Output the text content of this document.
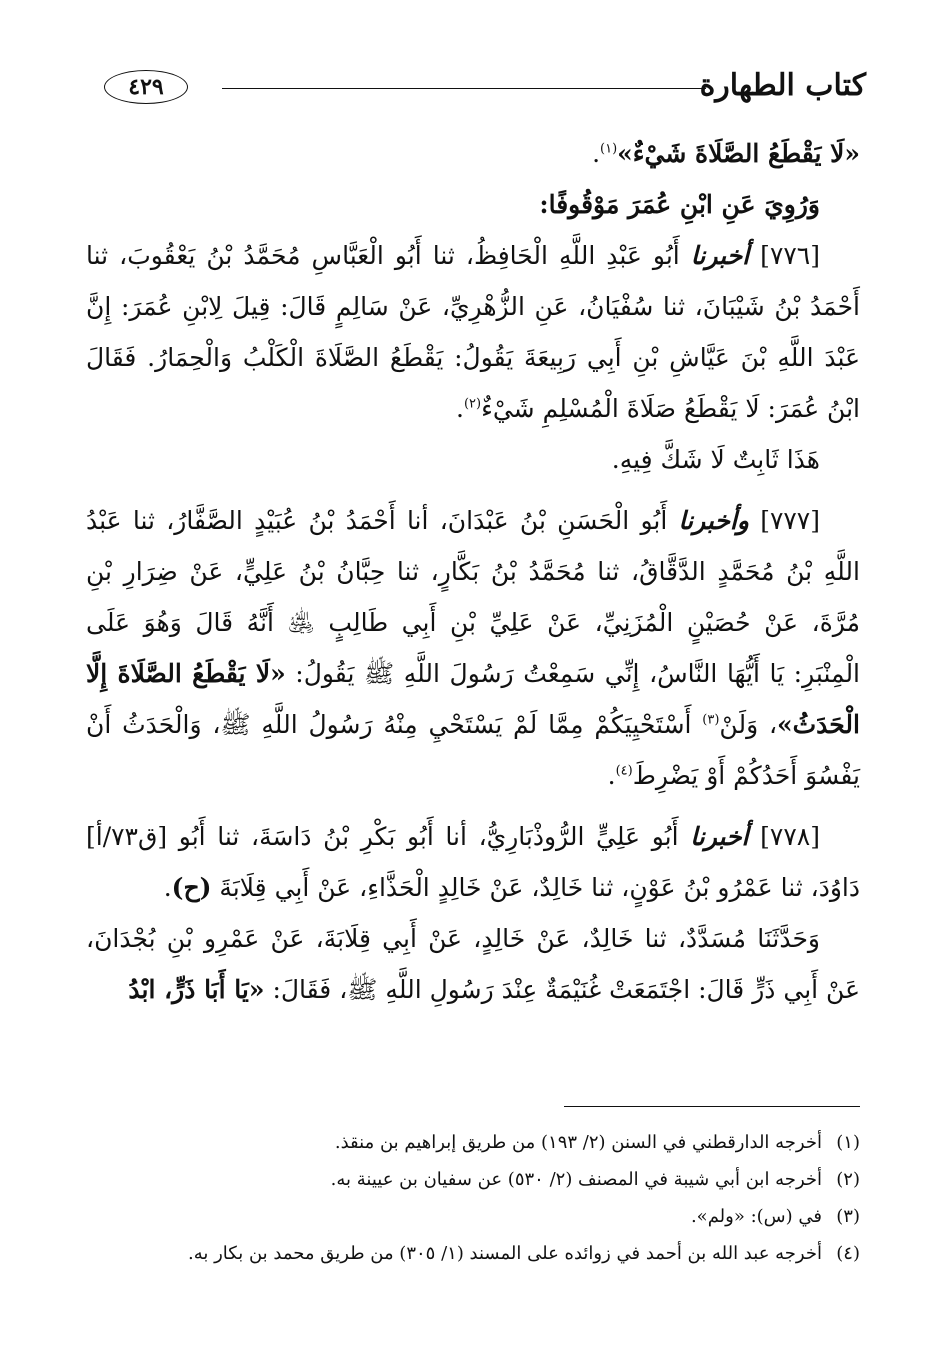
كتاب الطهارة
٤٢٩

«لَا يَقْطَعُ الصَّلَاةَ شَيْءٌ»$^{(١)}$.

وَرُوِيَ عَنِ ابْنِ عُمَرَ مَوْقُوفًا:

[٧٧٦] أخبرنا أَبُو عَبْدِ اللَّهِ الْحَافِظُ، ثنا أَبُو الْعَبَّاسِ مُحَمَّدُ بْنُ يَعْقُوبَ، ثنا أَحْمَدُ بْنُ شَيْبَانَ، ثنا سُفْيَانُ، عَنِ الزُّهْرِيِّ، عَنْ سَالِمٍ قَالَ: قِيلَ لِابْنِ عُمَرَ: إِنَّ عَبْدَ اللَّهِ بْنَ عَيَّاشِ بْنِ أَبِي رَبِيعَةَ يَقُولُ: يَقْطَعُ الصَّلَاةَ الْكَلْبُ وَالْحِمَارُ. فَقَالَ ابْنُ عُمَرَ: لَا يَقْطَعُ صَلَاةَ الْمُسْلِمِ شَيْءٌ$^{(٢)}$.

هَذَا ثَابِتٌ لَا شَكَّ فِيهِ.

[٧٧٧] وأخبرنا أَبُو الْحَسَنِ بْنُ عَبْدَانَ، أنا أَحْمَدُ بْنُ عُبَيْدٍ الصَّفَّارُ، ثنا عَبْدُ اللَّهِ بْنُ مُحَمَّدٍ الدَّقَّاقُ، ثنا مُحَمَّدُ بْنُ بَكَّارٍ، ثنا حِبَّانُ بْنُ عَلِيٍّ، عَنْ ضِرَارِ بْنِ مُرَّةَ، عَنْ حُصَيْنٍ الْمُزَنِيِّ، عَنْ عَلِيِّ بْنِ أَبِي طَالِبٍ ﵁ أَنَّهُ قَالَ وَهُوَ عَلَى الْمِنْبَرِ: يَا أَيُّهَا النَّاسُ، إِنِّي سَمِعْتُ رَسُولَ اللَّهِ ﷺ يَقُولُ: «لَا يَقْطَعُ الصَّلَاةَ إِلَّا الْحَدَثُ»، وَلَنْ$^{(٣)}$ أَسْتَحْيِيَكُمْ مِمَّا لَمْ يَسْتَحْيِ مِنْهُ رَسُولُ اللَّهِ ﷺ، وَالْحَدَثُ أَنْ يَفْسُوَ أَحَدُكُمْ أَوْ يَضْرِطَ$^{(٤)}$.

[٧٧٨] أخبرنا أَبُو عَلِيٍّ الرُّوذْبَارِيُّ، أنا أَبُو بَكْرِ بْنُ دَاسَةَ، ثنا أَبُو [ق٧٣/أ] دَاوُدَ، ثنا عَمْرُو بْنُ عَوْنٍ، ثنا خَالِدٌ، عَنْ خَالِدٍ الْحَذَّاءِ، عَنْ أَبِي قِلَابَةَ (ح).

وَحَدَّثَنَا مُسَدَّدٌ، ثنا خَالِدٌ، عَنْ خَالِدٍ، عَنْ أَبِي قِلَابَةَ، عَنْ عَمْرِو بْنِ بُجْدَانَ، عَنْ أَبِي ذَرٍّ قَالَ: اجْتَمَعَتْ غُنَيْمَةٌ عِنْدَ رَسُولِ اللَّهِ ﷺ، فَقَالَ: «يَا أَبَا ذَرٍّ، ابْدُ

(١)
أخرجه الدارقطني في السنن (٢/ ١٩٣) من طريق إبراهيم بن منقذ.
(٢)
أخرجه ابن أبي شيبة في المصنف (٢/ ٥٣٠) عن سفيان بن عيينة به.
(٣)
في (س): «ولم».
(٤)
أخرجه عبد الله بن أحمد في زوائده على المسند (١/ ٣٠٥) من طريق محمد بن بكار به.
